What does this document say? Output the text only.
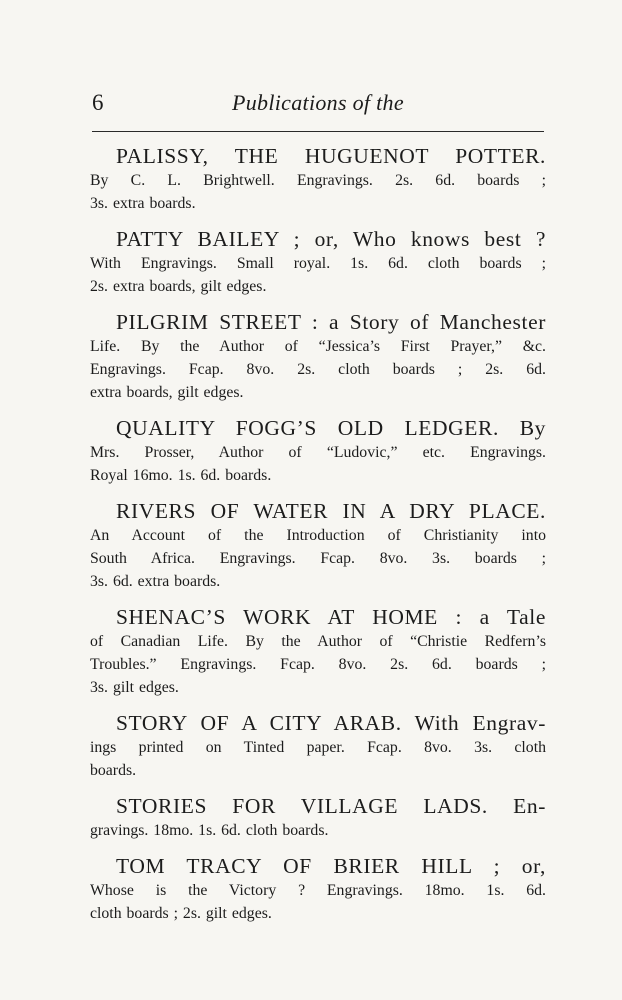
6	Publications of the
PALISSY, THE HUGUENOT POTTER.
By C. L. Brightwell. Engravings. 2s. 6d. boards ;
3s. extra boards.
PATTY BAILEY ; or, Who knows best ?
With Engravings. Small royal. 1s. 6d. cloth boards ;
2s. extra boards, gilt edges.
PILGRIM STREET : a Story of Manchester
Life. By the Author of “Jessica’s First Prayer,” &c.
Engravings. Fcap. 8vo. 2s. cloth boards ; 2s. 6d.
extra boards, gilt edges.
QUALITY FOGG’S OLD LEDGER. By
Mrs. Prosser, Author of “Ludovic,” etc. Engravings.
Royal 16mo. 1s. 6d. boards.
RIVERS OF WATER IN A DRY PLACE.
An Account of the Introduction of Christianity into
South Africa. Engravings. Fcap. 8vo. 3s. boards ;
3s. 6d. extra boards.
SHENAC’S WORK AT HOME : a Tale
of Canadian Life. By the Author of “Christie Redfern’s
Troubles.” Engravings. Fcap. 8vo. 2s. 6d. boards ;
3s. gilt edges.
STORY OF A CITY ARAB. With Engrav-
ings printed on Tinted paper. Fcap. 8vo. 3s. cloth
boards.
STORIES FOR VILLAGE LADS. En-
gravings. 18mo. 1s. 6d. cloth boards.
TOM TRACY OF BRIER HILL ; or,
Whose is the Victory ? Engravings. 18mo. 1s. 6d.
cloth boards ; 2s. gilt edges.
